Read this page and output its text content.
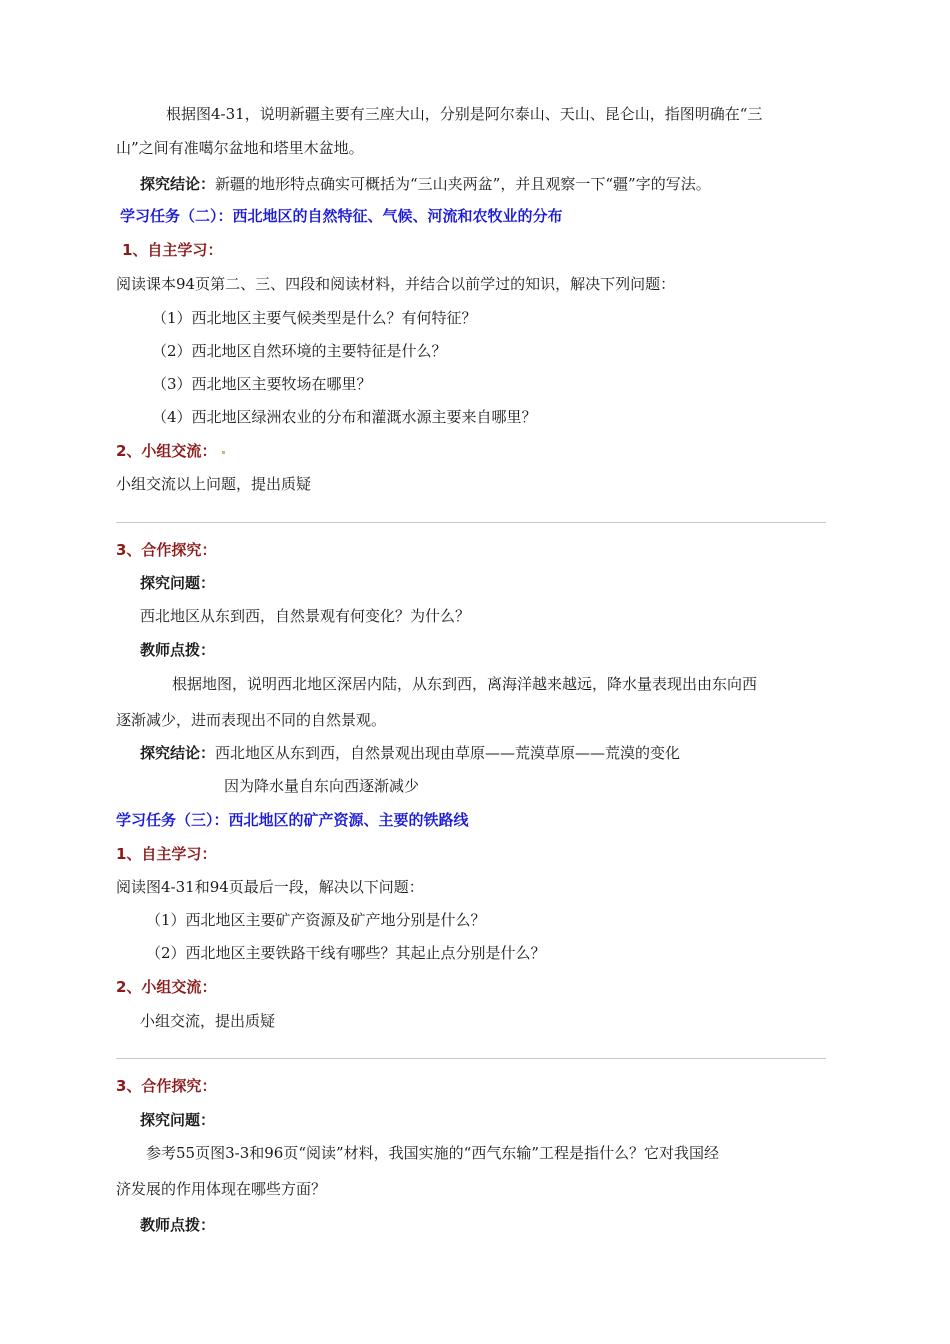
根据图4-31，说明新疆主要有三座大山，分别是阿尔泰山、天山、昆仑山，指图明确在“三
山”之间有准噶尔盆地和塔里木盆地。
探究结论：新疆的地形特点确实可概括为“三山夹两盆”，并且观察一下“疆”字的写法。
学习任务（二）：西北地区的自然特征、气候、河流和农牧业的分布
1、自主学习：
阅读课本94页第二、三、四段和阅读材料，并结合以前学过的知识，解决下列问题：
（1）西北地区主要气候类型是什么？有何特征？
（2）西北地区自然环境的主要特征是什么？
（3）西北地区主要牧场在哪里？
（4）西北地区绿洲农业的分布和灌溉水源主要来自哪里？
2、小组交流：
小组交流以上问题，提出质疑
3、合作探究：
探究问题：
西北地区从东到西，自然景观有何变化？为什么？
教师点拨：
根据地图，说明西北地区深居内陆，从东到西，离海洋越来越远，降水量表现出由东向西
逐渐减少，进而表现出不同的自然景观。
探究结论：西北地区从东到西，自然景观出现由草原——荒漠草原——荒漠的变化
因为降水量自东向西逐渐减少
学习任务（三）：西北地区的矿产资源、主要的铁路线
1、自主学习：
阅读图4-31和94页最后一段，解决以下问题：
（1）西北地区主要矿产资源及矿产地分别是什么？
（2）西北地区主要铁路干线有哪些？其起止点分别是什么？
2、小组交流：
小组交流，提出质疑
3、合作探究：
探究问题：
参考55页图3-3和96页“阅读”材料，我国实施的“西气东输”工程是指什么？它对我国经
济发展的作用体现在哪些方面？
教师点拨：
